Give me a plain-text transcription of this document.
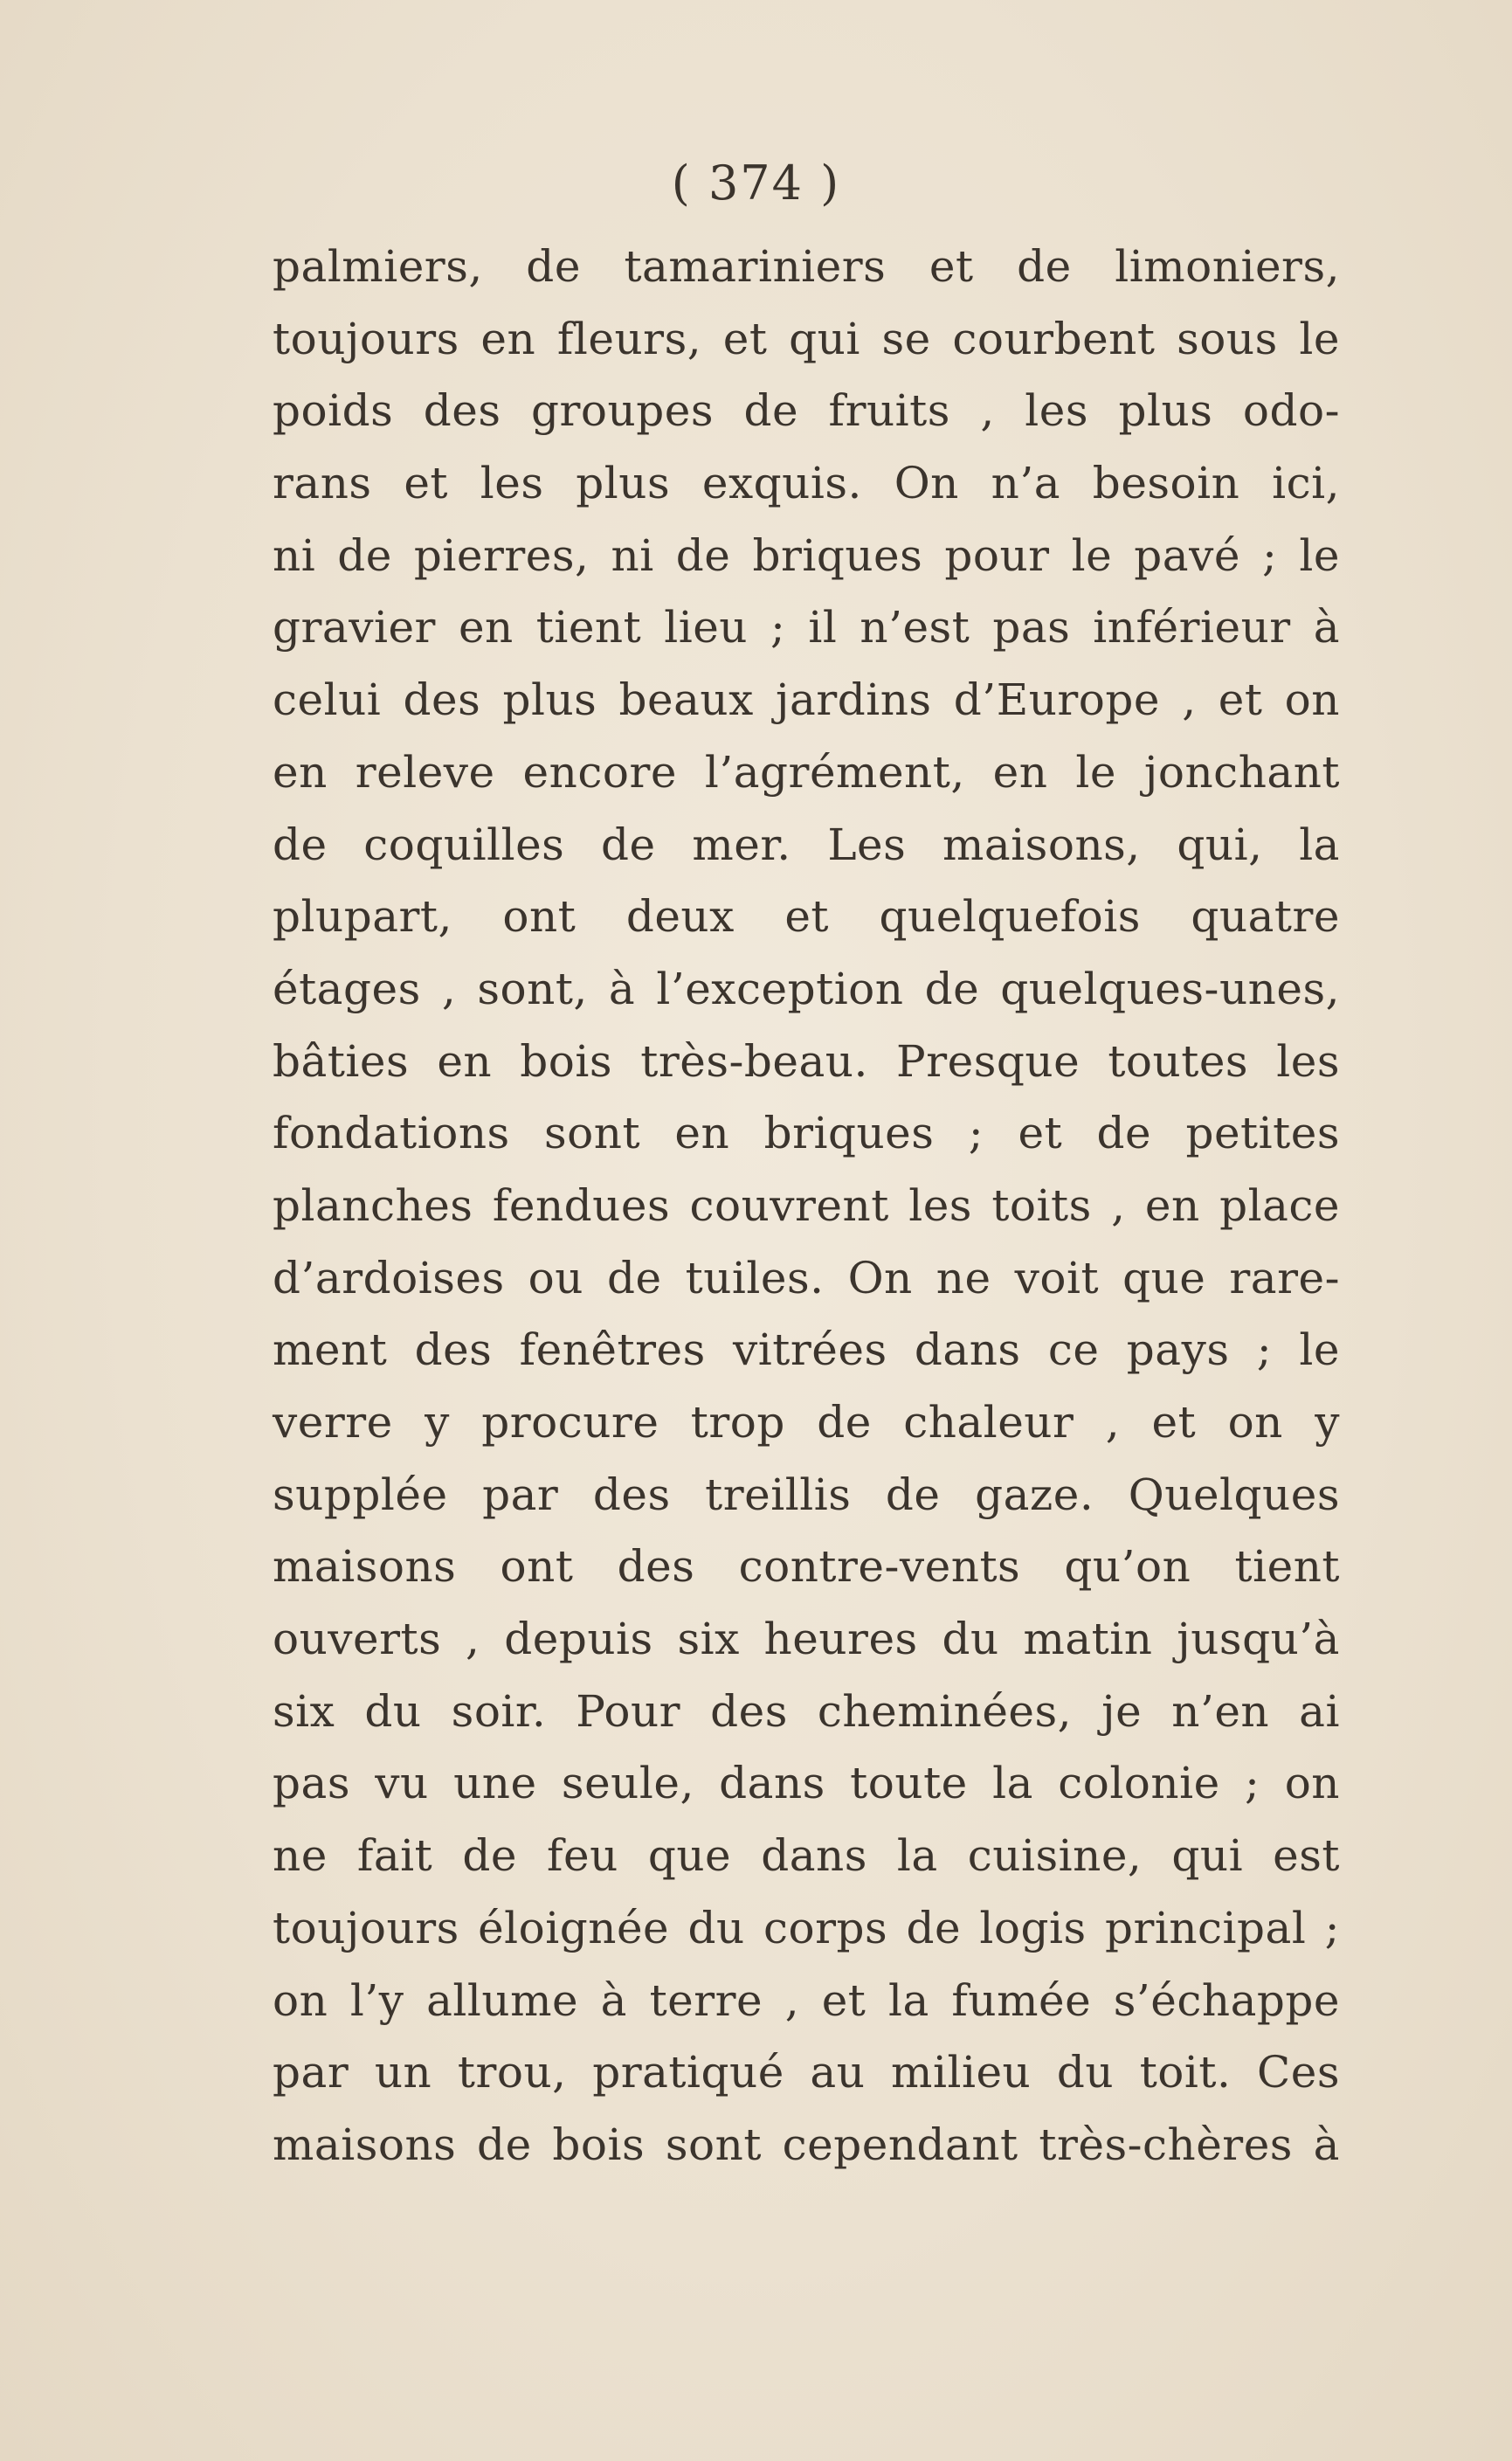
( 374 )
palmiers, de tamariniers et de limoniers,
toujours en fleurs, et qui se courbent sous le
poids des groupes de fruits , les plus odo-
rans et les plus exquis. On n’a besoin ici,
ni de pierres, ni de briques pour le pavé ; le
gravier en tient lieu ; il n’est pas inférieur à
celui des plus beaux jardins d’Europe , et on
en releve encore l’agrément, en le jonchant
de coquilles de mer. Les maisons, qui, la
plupart, ont deux et quelquefois quatre
étages , sont, à l’exception de quelques-unes,
bâties en bois très-beau. Presque toutes les
fondations sont en briques ; et de petites
planches fendues couvrent les toits , en place
d’ardoises ou de tuiles. On ne voit que rare-
ment des fenêtres vitrées dans ce pays ; le
verre y procure trop de chaleur , et on y
supplée par des treillis de gaze. Quelques
maisons ont des contre-vents qu’on tient
ouverts , depuis six heures du matin jusqu’à
six du soir. Pour des cheminées, je n’en ai
pas vu une seule, dans toute la colonie ; on
ne fait de feu que dans la cuisine, qui est
toujours éloignée du corps de logis principal ;
on l’y allume à terre , et la fumée s’échappe
par un trou, pratiqué au milieu du toit. Ces
maisons de bois sont cependant très-chères à
